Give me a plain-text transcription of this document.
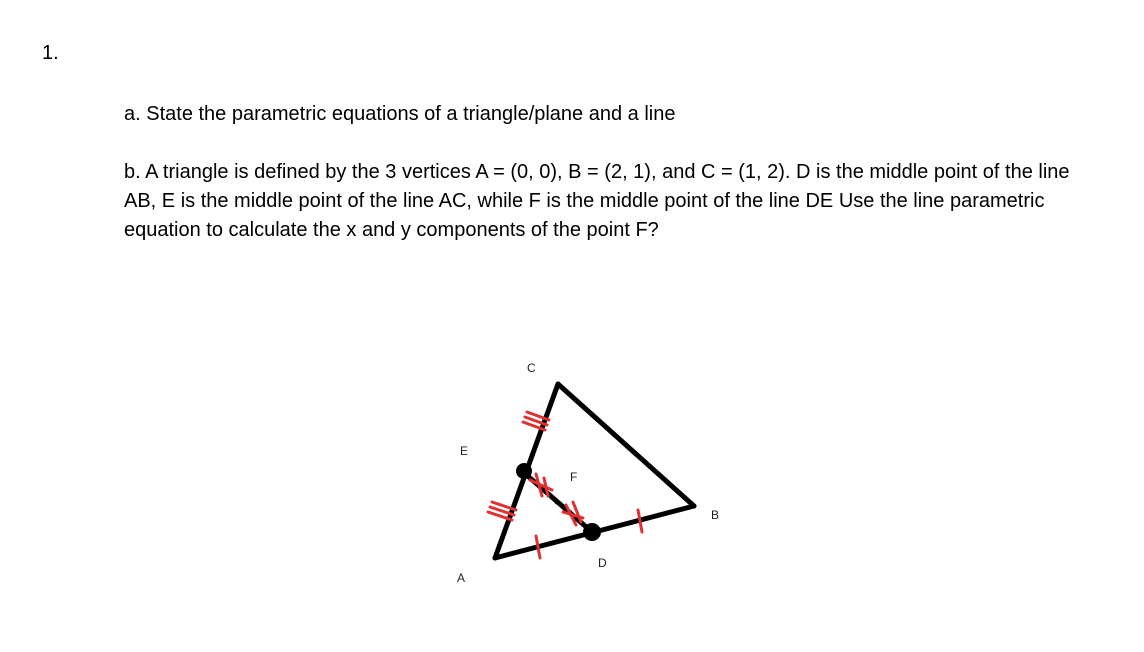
1.
a. State the parametric equations of a triangle/plane and a line
b. A triangle is defined by the 3 vertices A = (0, 0), B = (2, 1), and C = (1, 2). D is the middle point of the line AB, E is the middle point of the line AC, while F is the middle point of the line DE Use the line parametric equation to calculate the x and y components of the point F?
C
E
F
B
D
A
